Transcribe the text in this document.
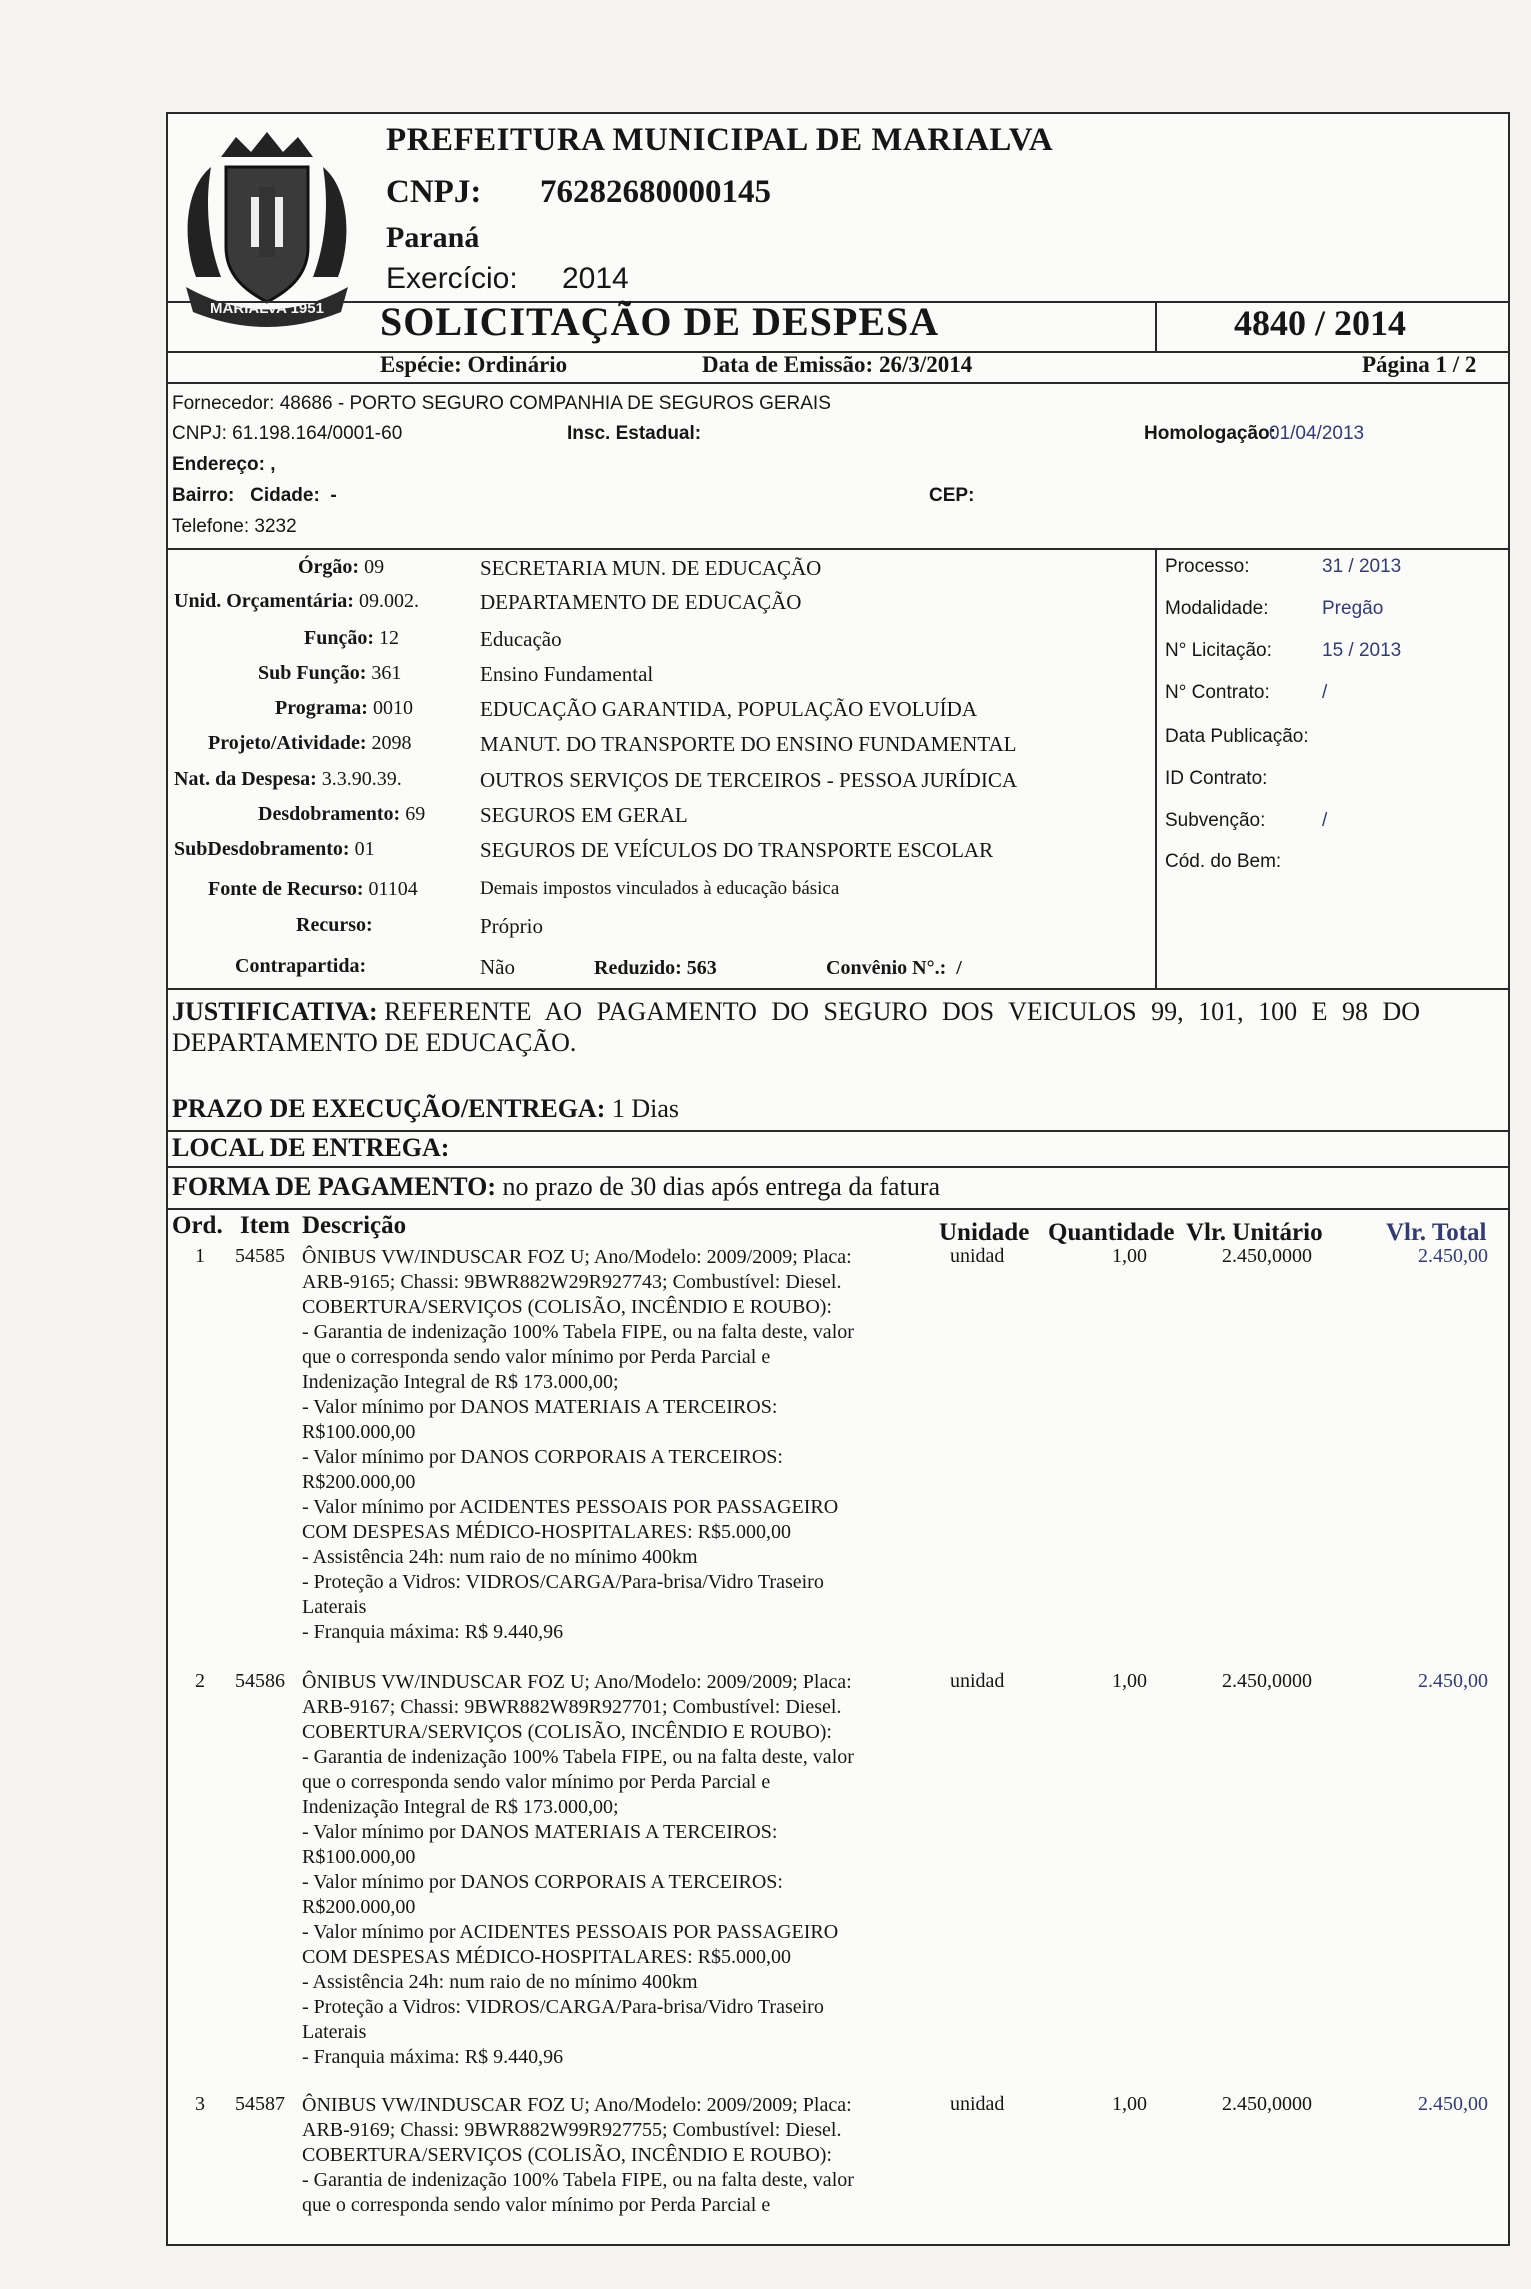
MARIALVA 1951
PREFEITURA MUNICIPAL DE MARIALVA
CNPJ: 76282680000145
Paraná
Exercício: 2014
SOLICITAÇÃO DE DESPESA	4840 / 2014
Espécie: Ordinário	Data de Emissão: 26/3/2014	Página 1 / 2
Fornecedor: 48686 - PORTO SEGURO COMPANHIA DE SEGUROS GERAIS
CNPJ: 61.198.164/0001-60	Insc. Estadual:	Homologação:
01/04/2013
Endereço: ,
Bairro:   Cidade:  -	CEP:
Telefone: 3232
Órgão: 09	SECRETARIA MUN. DE EDUCAÇÃO
Unid. Orçamentária: 09.002.	DEPARTAMENTO DE EDUCAÇÃO
Função: 12	Educação
Sub Função: 361	Ensino Fundamental
Programa: 0010	EDUCAÇÃO GARANTIDA, POPULAÇÃO EVOLUÍDA
Projeto/Atividade: 2098	MANUT. DO TRANSPORTE DO ENSINO FUNDAMENTAL
Nat. da Despesa: 3.3.90.39.	OUTROS SERVIÇOS DE TERCEIROS - PESSOA JURÍDICA
Desdobramento: 69	SEGUROS EM GERAL
SubDesdobramento: 01	SEGUROS DE VEÍCULOS DO TRANSPORTE ESCOLAR
Fonte de Recurso: 01104	Demais impostos vinculados à educação básica
Recurso:	Próprio
Contrapartida:	Não	Reduzido: 563	Convênio N°.:  /
Processo:	31 / 2013
Modalidade:	Pregão
N° Licitação:	15 / 2013
N° Contrato:	/
Data Publicação:
ID Contrato:
Subvenção:	/
Cód. do Bem:
JUSTIFICATIVA: REFERENTE AO PAGAMENTO DO SEGURO DOS VEICULOS 99, 101, 100 E 98 DO
DEPARTAMENTO DE EDUCAÇÃO.
PRAZO DE EXECUÇÃO/ENTREGA: 1 Dias
LOCAL DE ENTREGA:
FORMA DE PAGAMENTO: no prazo de 30 dias após entrega da fatura
Ord. Item Descrição	Unidade Quantidade Vlr. Unitário	Vlr. Total
1 54585	unidad	1,00	2.450,0000	2.450,00
ÔNIBUS VW/INDUSCAR FOZ U; Ano/Modelo: 2009/2009; Placa:
ARB-9165; Chassi: 9BWR882W29R927743; Combustível: Diesel.
COBERTURA/SERVIÇOS (COLISÃO, INCÊNDIO E ROUBO):
- Garantia de indenização 100% Tabela FIPE, ou na falta deste, valor
que o corresponda sendo valor mínimo por Perda Parcial e
Indenização Integral de R$ 173.000,00;
- Valor mínimo por DANOS MATERIAIS A TERCEIROS:
R$100.000,00
- Valor mínimo por DANOS CORPORAIS A TERCEIROS:
R$200.000,00
- Valor mínimo por ACIDENTES PESSOAIS POR PASSAGEIRO
COM DESPESAS MÉDICO-HOSPITALARES: R$5.000,00
- Assistência 24h: num raio de no mínimo 400km
- Proteção a Vidros: VIDROS/CARGA/Para-brisa/Vidro Traseiro
Laterais
- Franquia máxima: R$ 9.440,96
2 54586	unidad	1,00	2.450,0000	2.450,00
ÔNIBUS VW/INDUSCAR FOZ U; Ano/Modelo: 2009/2009; Placa:
ARB-9167; Chassi: 9BWR882W89R927701; Combustível: Diesel.
COBERTURA/SERVIÇOS (COLISÃO, INCÊNDIO E ROUBO):
- Garantia de indenização 100% Tabela FIPE, ou na falta deste, valor
que o corresponda sendo valor mínimo por Perda Parcial e
Indenização Integral de R$ 173.000,00;
- Valor mínimo por DANOS MATERIAIS A TERCEIROS:
R$100.000,00
- Valor mínimo por DANOS CORPORAIS A TERCEIROS:
R$200.000,00
- Valor mínimo por ACIDENTES PESSOAIS POR PASSAGEIRO
COM DESPESAS MÉDICO-HOSPITALARES: R$5.000,00
- Assistência 24h: num raio de no mínimo 400km
- Proteção a Vidros: VIDROS/CARGA/Para-brisa/Vidro Traseiro
Laterais
- Franquia máxima: R$ 9.440,96
3 54587	unidad	1,00	2.450,0000	2.450,00
ÔNIBUS VW/INDUSCAR FOZ U; Ano/Modelo: 2009/2009; Placa:
ARB-9169; Chassi: 9BWR882W99R927755; Combustível: Diesel.
COBERTURA/SERVIÇOS (COLISÃO, INCÊNDIO E ROUBO):
- Garantia de indenização 100% Tabela FIPE, ou na falta deste, valor
que o corresponda sendo valor mínimo por Perda Parcial e
